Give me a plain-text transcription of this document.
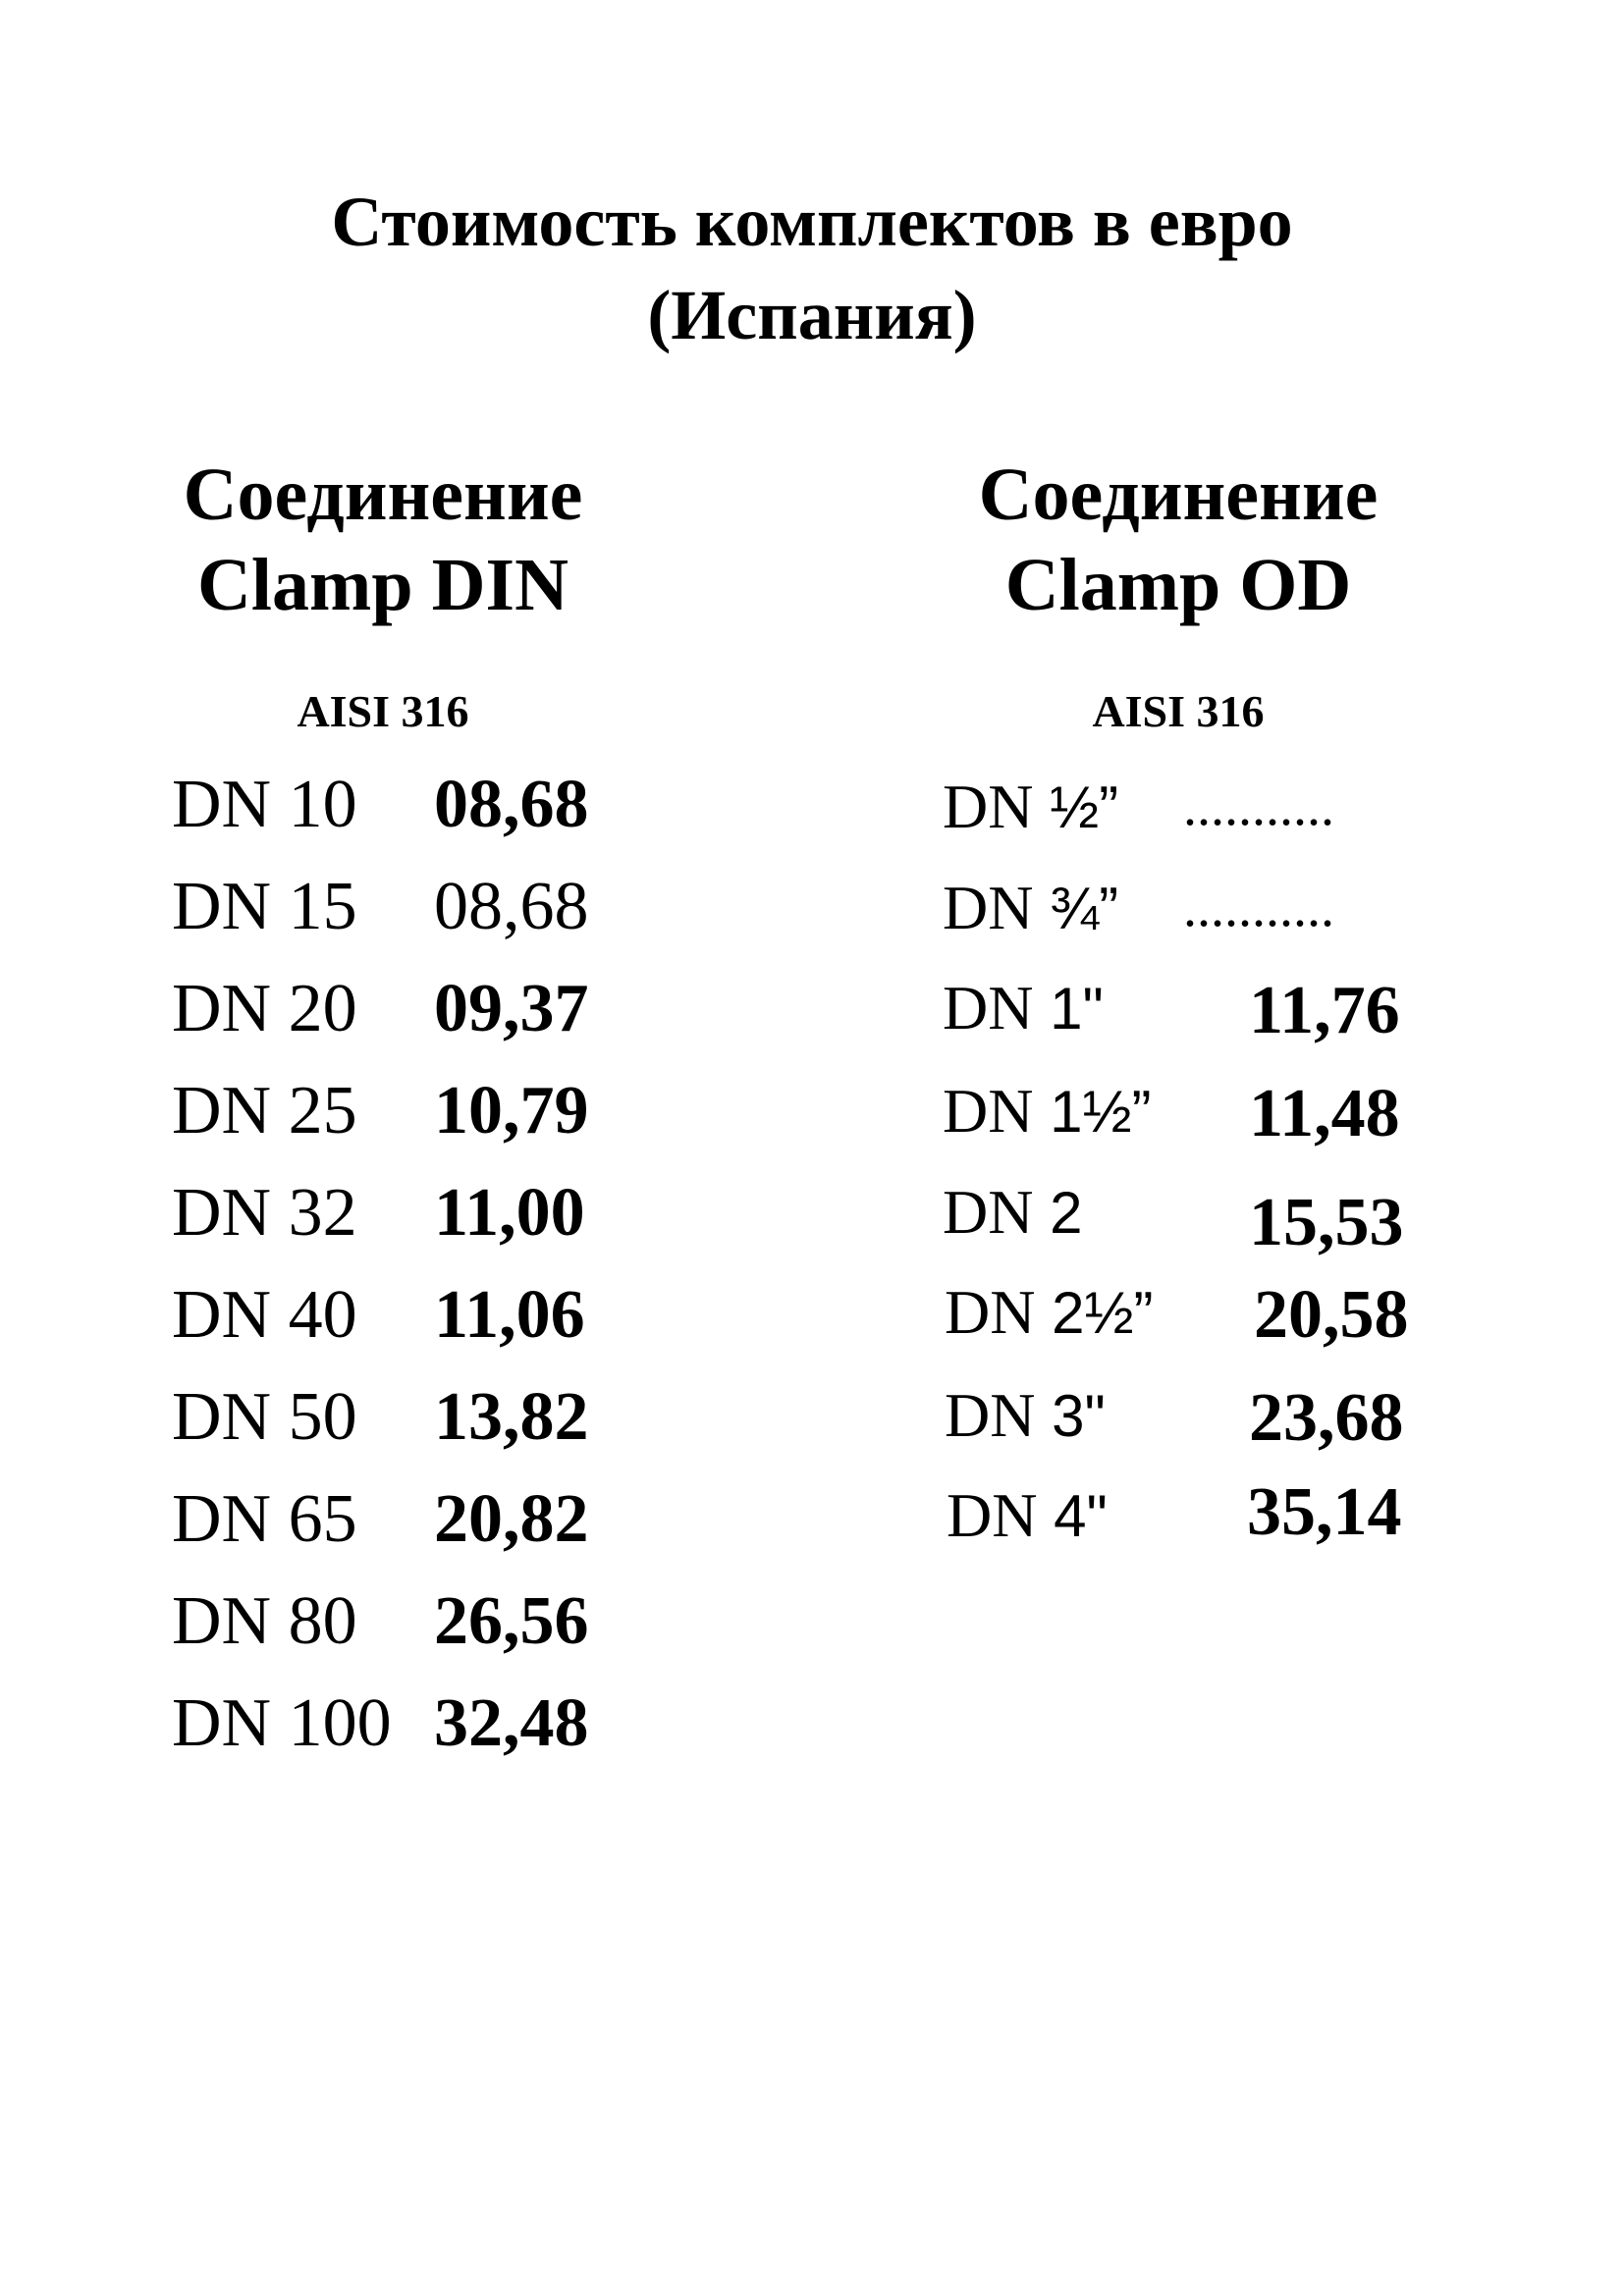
Стоимость комплектов в евро
(Испания)
Соединение
Clamp DIN
AISI 316
DN 10 08,68
DN 15 08,68
DN 20 09,37
DN 25 10,79
DN 32 11,00
DN 40 11,06
DN 50 13,82
DN 65 20,82
DN 80 26,56
DN 100 32,48
Соединение
Clamp OD
AISI 316
DN ½” ...........
DN ¾” ...........
DN 1" 11,76
DN 1½” 11,48
DN 2 15,53
DN 2½” 20,58
DN 3" 23,68
DN 4" 35,14
